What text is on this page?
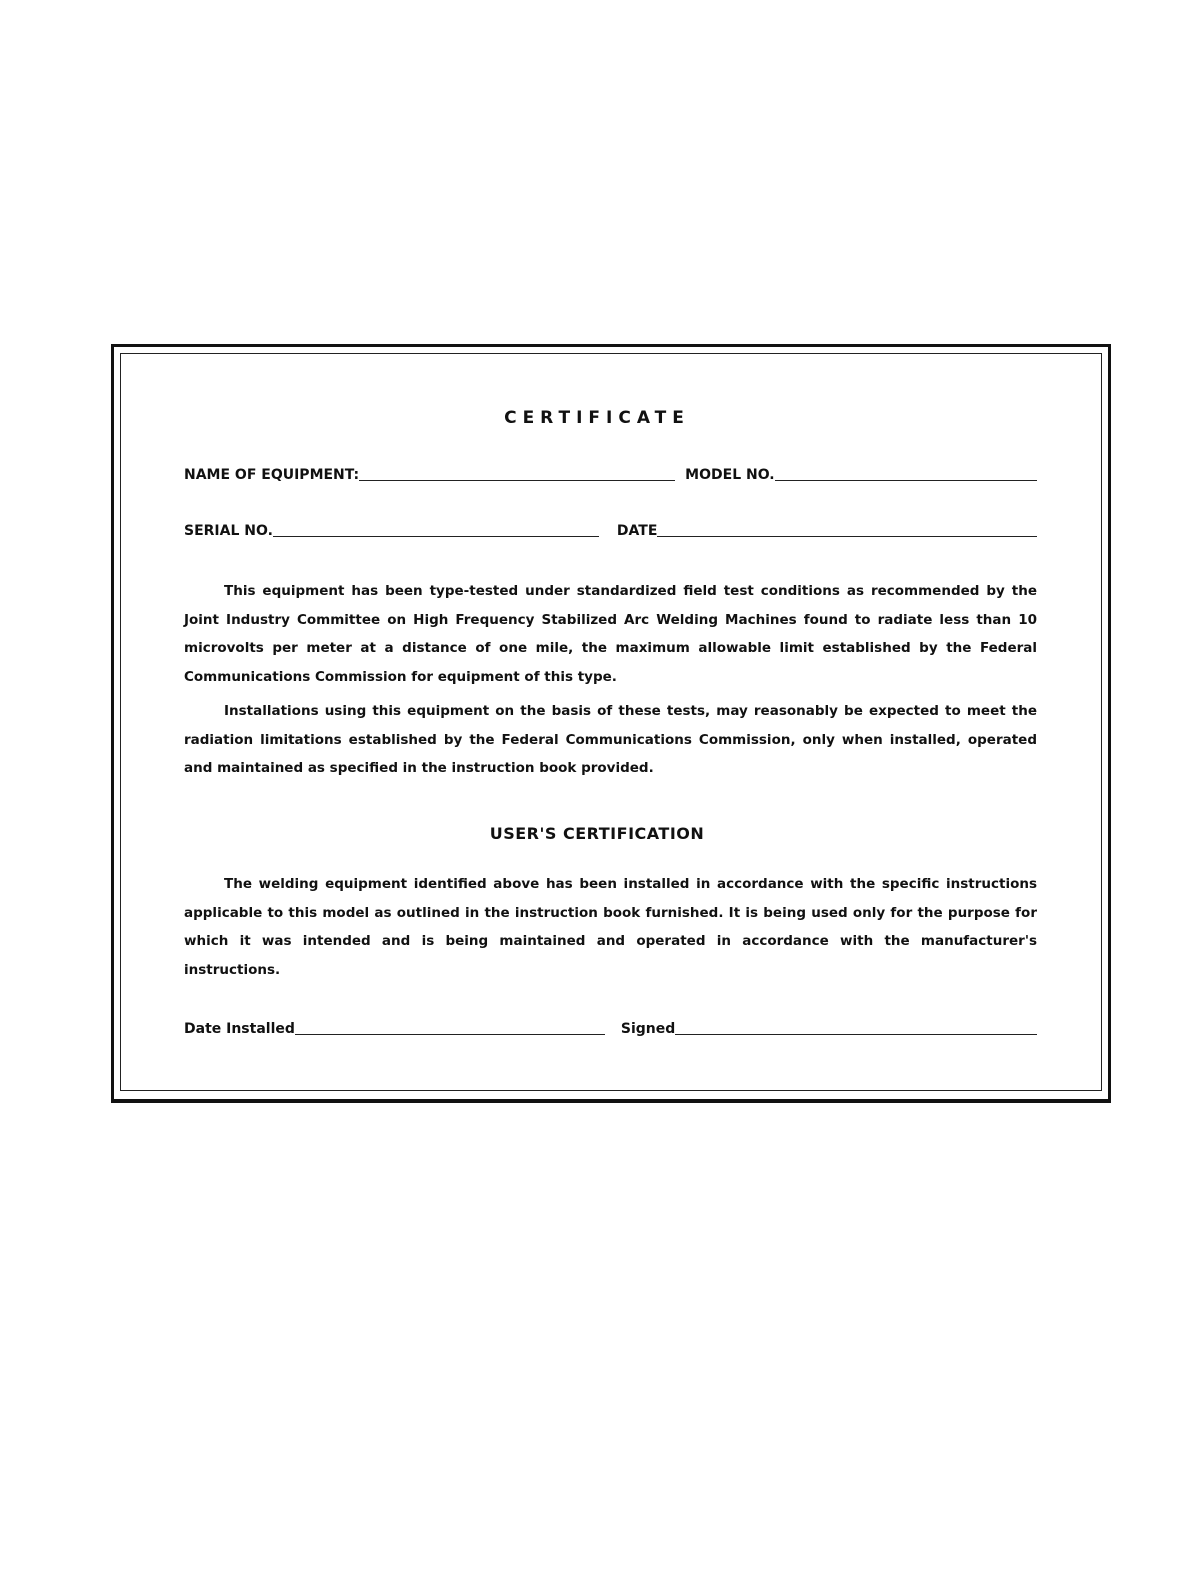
CERTIFICATE
NAME OF EQUIPMENT:	MODEL NO.
SERIAL NO.	DATE

This equipment has been type-tested under standardized field test conditions as recommended by the Joint Industry Committee on High Frequency Stabilized Arc Welding Machines found to radiate less than 10 microvolts per meter at a distance of one mile, the maximum allowable limit established by the Federal Communications Commission for equipment of this type.

Installations using this equipment on the basis of these tests, may reasonably be expected to meet the radiation limitations established by the Federal Communications Commission, only when installed, operated and maintained as specified in the instruction book provided.

USER'S CERTIFICATION

The welding equipment identified above has been installed in accordance with the specific instructions applicable to this model as outlined in the instruction book furnished. It is being used only for the purpose for which it was intended and is being maintained and operated in accordance with the manufacturer's instructions.

Date Installed	Signed
